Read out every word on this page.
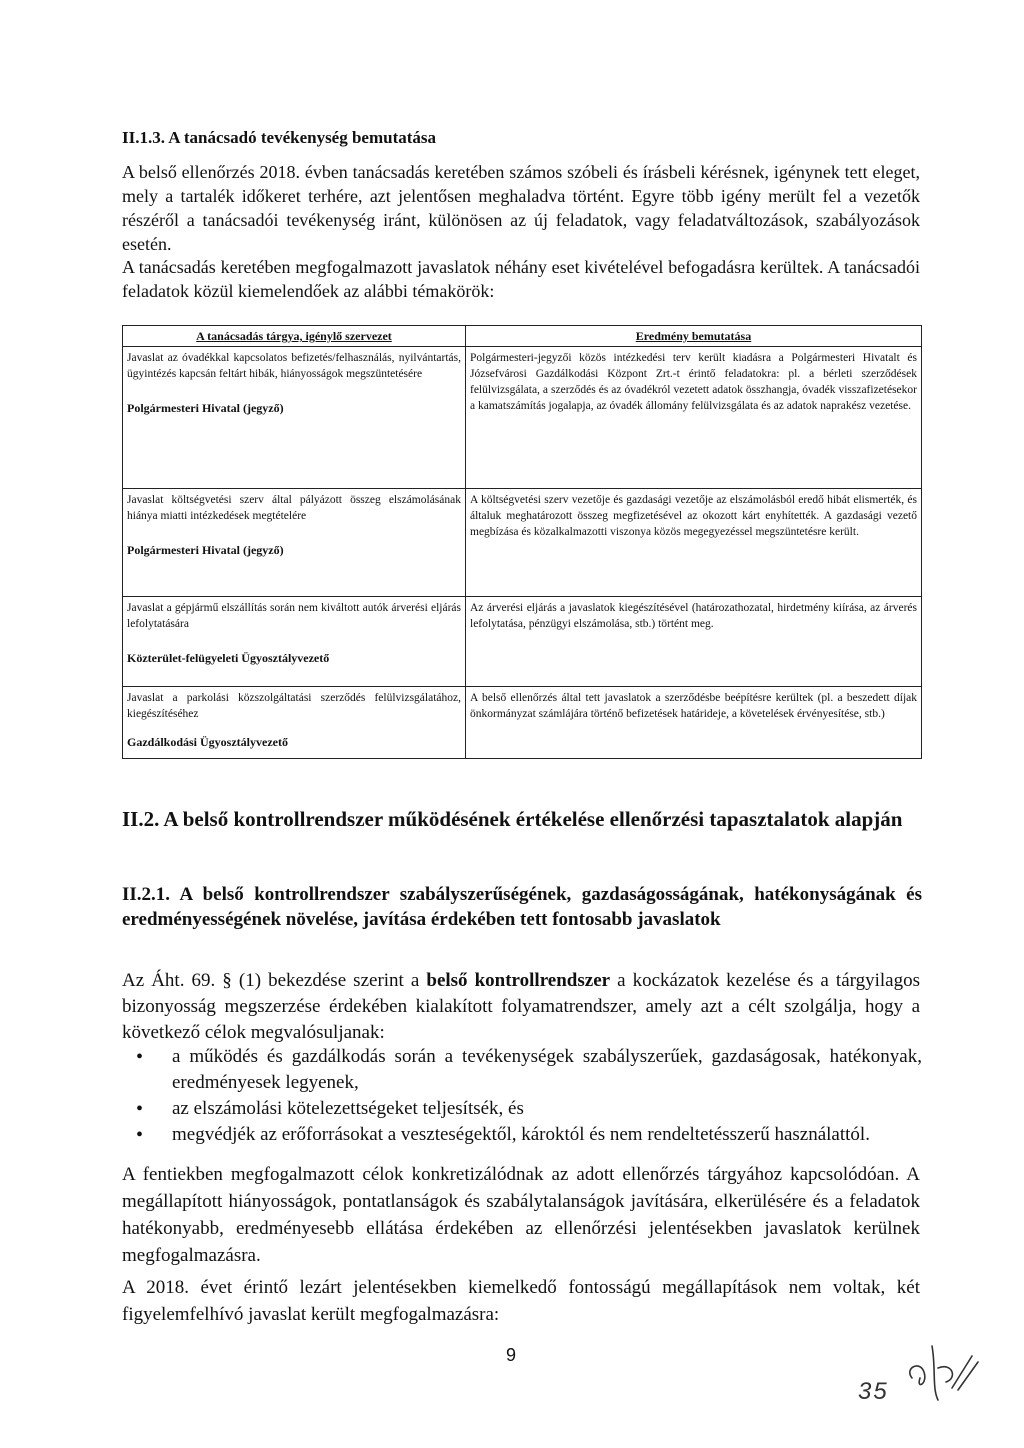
II.1.3. A tanácsadó tevékenység bemutatása
A belső ellenőrzés 2018. évben tanácsadás keretében számos szóbeli és írásbeli kérésnek, igénynek tett eleget, mely a tartalék időkeret terhére, azt jelentősen meghaladva történt. Egyre több igény merült fel a vezetők részéről a tanácsadói tevékenység iránt, különösen az új feladatok, vagy feladatváltozások, szabályozások esetén.
A tanácsadás keretében megfogalmazott javaslatok néhány eset kivételével befogadásra kerültek. A tanácsadói feladatok közül kiemelendőek az alábbi témakörök:
A tanácsadás tárgya, igénylő szervezet	Eredmény bemutatása
Javaslat az óvadékkal kapcsolatos befizetés/felhasználás, nyilvántartás, ügyintézés kapcsán feltárt hibák, hiányosságok megszüntetésére
Polgármesteri Hivatal (jegyző)	Polgármesteri-jegyzői közös intézkedési terv került kiadásra a Polgármesteri Hivatalt és Józsefvárosi Gazdálkodási Központ Zrt.-t érintő feladatokra: pl. a bérleti szerződések felülvizsgálata, a szerződés és az óvadékról vezetett adatok összhangja, óvadék visszafizetésekor a kamatszámítás jogalapja, az óvadék állomány felülvizsgálata és az adatok naprakész vezetése.
Javaslat költségvetési szerv által pályázott összeg elszámolásának hiánya miatti intézkedések megtételére
Polgármesteri Hivatal (jegyző)	A költségvetési szerv vezetője és gazdasági vezetője az elszámolásból eredő hibát elismerték, és általuk meghatározott összeg megfizetésével az okozott kárt enyhítették. A gazdasági vezető megbízása és közalkalmazotti viszonya közös megegyezéssel megszüntetésre került.
Javaslat a gépjármű elszállítás során nem kiváltott autók árverési eljárás lefolytatására
Közterület-felügyeleti Ügyosztályvezető	Az árverési eljárás a javaslatok kiegészítésével (határozathozatal, hirdetmény kiírása, az árverés lefolytatása, pénzügyi elszámolása, stb.) történt meg.
Javaslat a parkolási közszolgáltatási szerződés felülvizsgálatához, kiegészítéséhez
Gazdálkodási Ügyosztályvezető	A belső ellenőrzés által tett javaslatok a szerződésbe beépítésre kerültek (pl. a beszedett díjak önkormányzat számlájára történő befizetések határideje, a követelések érvényesítése, stb.)
II.2. A belső kontrollrendszer működésének értékelése ellenőrzési tapasztalatok alapján
II.2.1. A belső kontrollrendszer szabályszerűségének, gazdaságosságának, hatékonyságának és eredményességének növelése, javítása érdekében tett fontosabb javaslatok
Az Áht. 69. § (1) bekezdése szerint a belső kontrollrendszer a kockázatok kezelése és a tárgyilagos bizonyosság megszerzése érdekében kialakított folyamatrendszer, amely azt a célt szolgálja, hogy a következő célok megvalósuljanak:
• a működés és gazdálkodás során a tevékenységek szabályszerűek, gazdaságosak, hatékonyak, eredményesek legyenek,
• az elszámolási kötelezettségeket teljesítsék, és
• megvédjék az erőforrásokat a veszteségektől, károktól és nem rendeltetésszerű használattól.
A fentiekben megfogalmazott célok konkretizálódnak az adott ellenőrzés tárgyához kapcsolódóan. A megállapított hiányosságok, pontatlanságok és szabálytalanságok javítására, elkerülésére és a feladatok hatékonyabb, eredményesebb ellátása érdekében az ellenőrzési jelentésekben javaslatok kerülnek megfogalmazásra.
A 2018. évet érintő lezárt jelentésekben kiemelkedő fontosságú megállapítások nem voltak, két figyelemfelhívó javaslat került megfogalmazásra:
9
35
